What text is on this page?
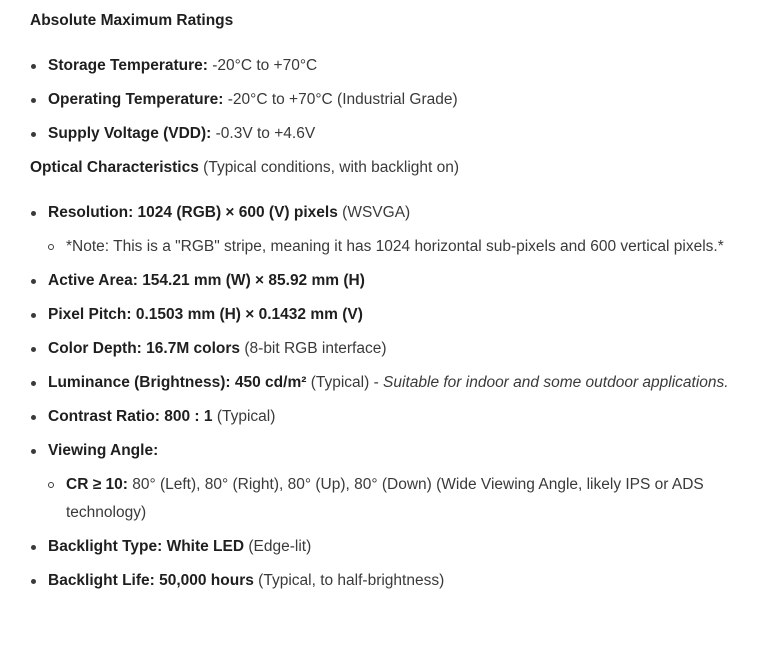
Absolute Maximum Ratings

Storage Temperature: -20°C to +70°C
Operating Temperature: -20°C to +70°C (Industrial Grade)
Supply Voltage (VDD): -0.3V to +4.6V

Optical Characteristics (Typical conditions, with backlight on)

Resolution: 1024 (RGB) × 600 (V) pixels (WSVGA)
*Note: This is a "RGB" stripe, meaning it has 1024 horizontal sub-pixels and 600 vertical pixels.*
Active Area: 154.21 mm (W) × 85.92 mm (H)
Pixel Pitch: 0.1503 mm (H) × 0.1432 mm (V)
Color Depth: 16.7M colors (8-bit RGB interface)
Luminance (Brightness): 450 cd/m² (Typical) - Suitable for indoor and some outdoor applications.
Contrast Ratio: 800 : 1 (Typical)
Viewing Angle:
CR ≥ 10: 80° (Left), 80° (Right), 80° (Up), 80° (Down) (Wide Viewing Angle, likely IPS or ADS technology)
Backlight Type: White LED (Edge-lit)
Backlight Life: 50,000 hours (Typical, to half-brightness)
